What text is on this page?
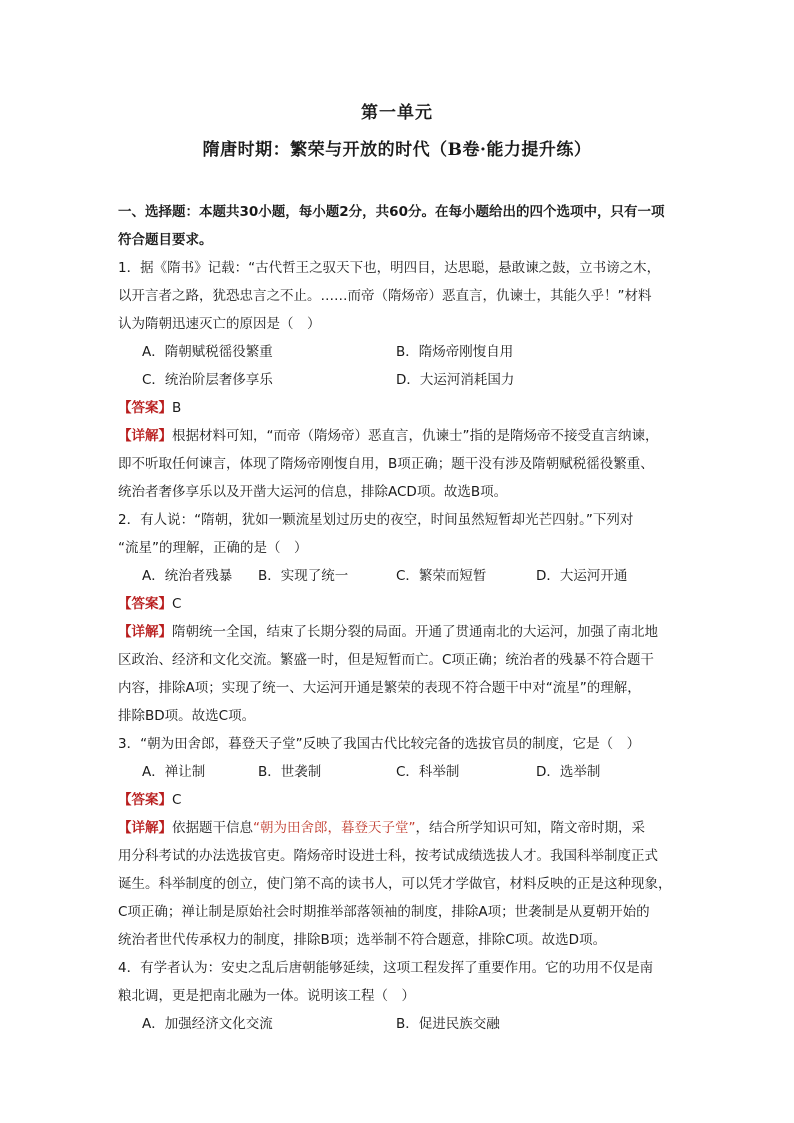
第一单元
隋唐时期：繁荣与开放的时代（B卷·能力提升练）
一、选择题：本题共30小题，每小题2分，共60分。在每小题给出的四个选项中，只有一项
符合题目要求。
1．据《隋书》记载：“古代哲王之驭天下也，明四目，达思聪，悬敢谏之鼓，立书谤之木，
以开言者之路，犹恐忠言之不止。……而帝（隋炀帝）恶直言，仇谏士，其能久乎！”材料
认为隋朝迅速灭亡的原因是（　）
A．隋朝赋税徭役繁重	B．隋炀帝刚愎自用
C．统治阶层奢侈享乐	D．大运河消耗国力
【答案】B
【详解】根据材料可知，“而帝（隋炀帝）恶直言，仇谏士”指的是隋炀帝不接受直言纳谏，
即不听取任何谏言，体现了隋炀帝刚愎自用，B项正确；题干没有涉及隋朝赋税徭役繁重、
统治者奢侈享乐以及开凿大运河的信息，排除ACD项。故选B项。
2．有人说：“隋朝，犹如一颗流星划过历史的夜空，时间虽然短暂却光芒四射。”下列对
“流星”的理解，正确的是（　）
A．统治者残暴 B．实现了统一	C．繁荣而短暂	D．大运河开通
【答案】C
【详解】隋朝统一全国，结束了长期分裂的局面。开通了贯通南北的大运河，加强了南北地
区政治、经济和文化交流。繁盛一时，但是短暂而亡。C项正确；统治者的残暴不符合题干
内容，排除A项；实现了统一、大运河开通是繁荣的表现不符合题干中对“流星”的理解，
排除BD项。故选C项。
3．“朝为田舍郎，暮登天子堂”反映了我国古代比较完备的选拔官员的制度，它是（　）
A．禅让制	B．世袭制	C．科举制	D．选举制
【答案】C
【详解】依据题干信息“朝为田舍郎，暮登天子堂”，结合所学知识可知，隋文帝时期，采
用分科考试的办法选拔官吏。隋炀帝时设进士科，按考试成绩选拔人才。我国科举制度正式
诞生。科举制度的创立，使门第不高的读书人，可以凭才学做官，材料反映的正是这种现象，
C项正确；禅让制是原始社会时期推举部落领袖的制度，排除A项；世袭制是从夏朝开始的
统治者世代传承权力的制度，排除B项；选举制不符合题意，排除C项。故选D项。
4．有学者认为：安史之乱后唐朝能够延续，这项工程发挥了重要作用。它的功用不仅是南
粮北调，更是把南北融为一体。说明该工程（　）
A．加强经济文化交流	B．促进民族交融
